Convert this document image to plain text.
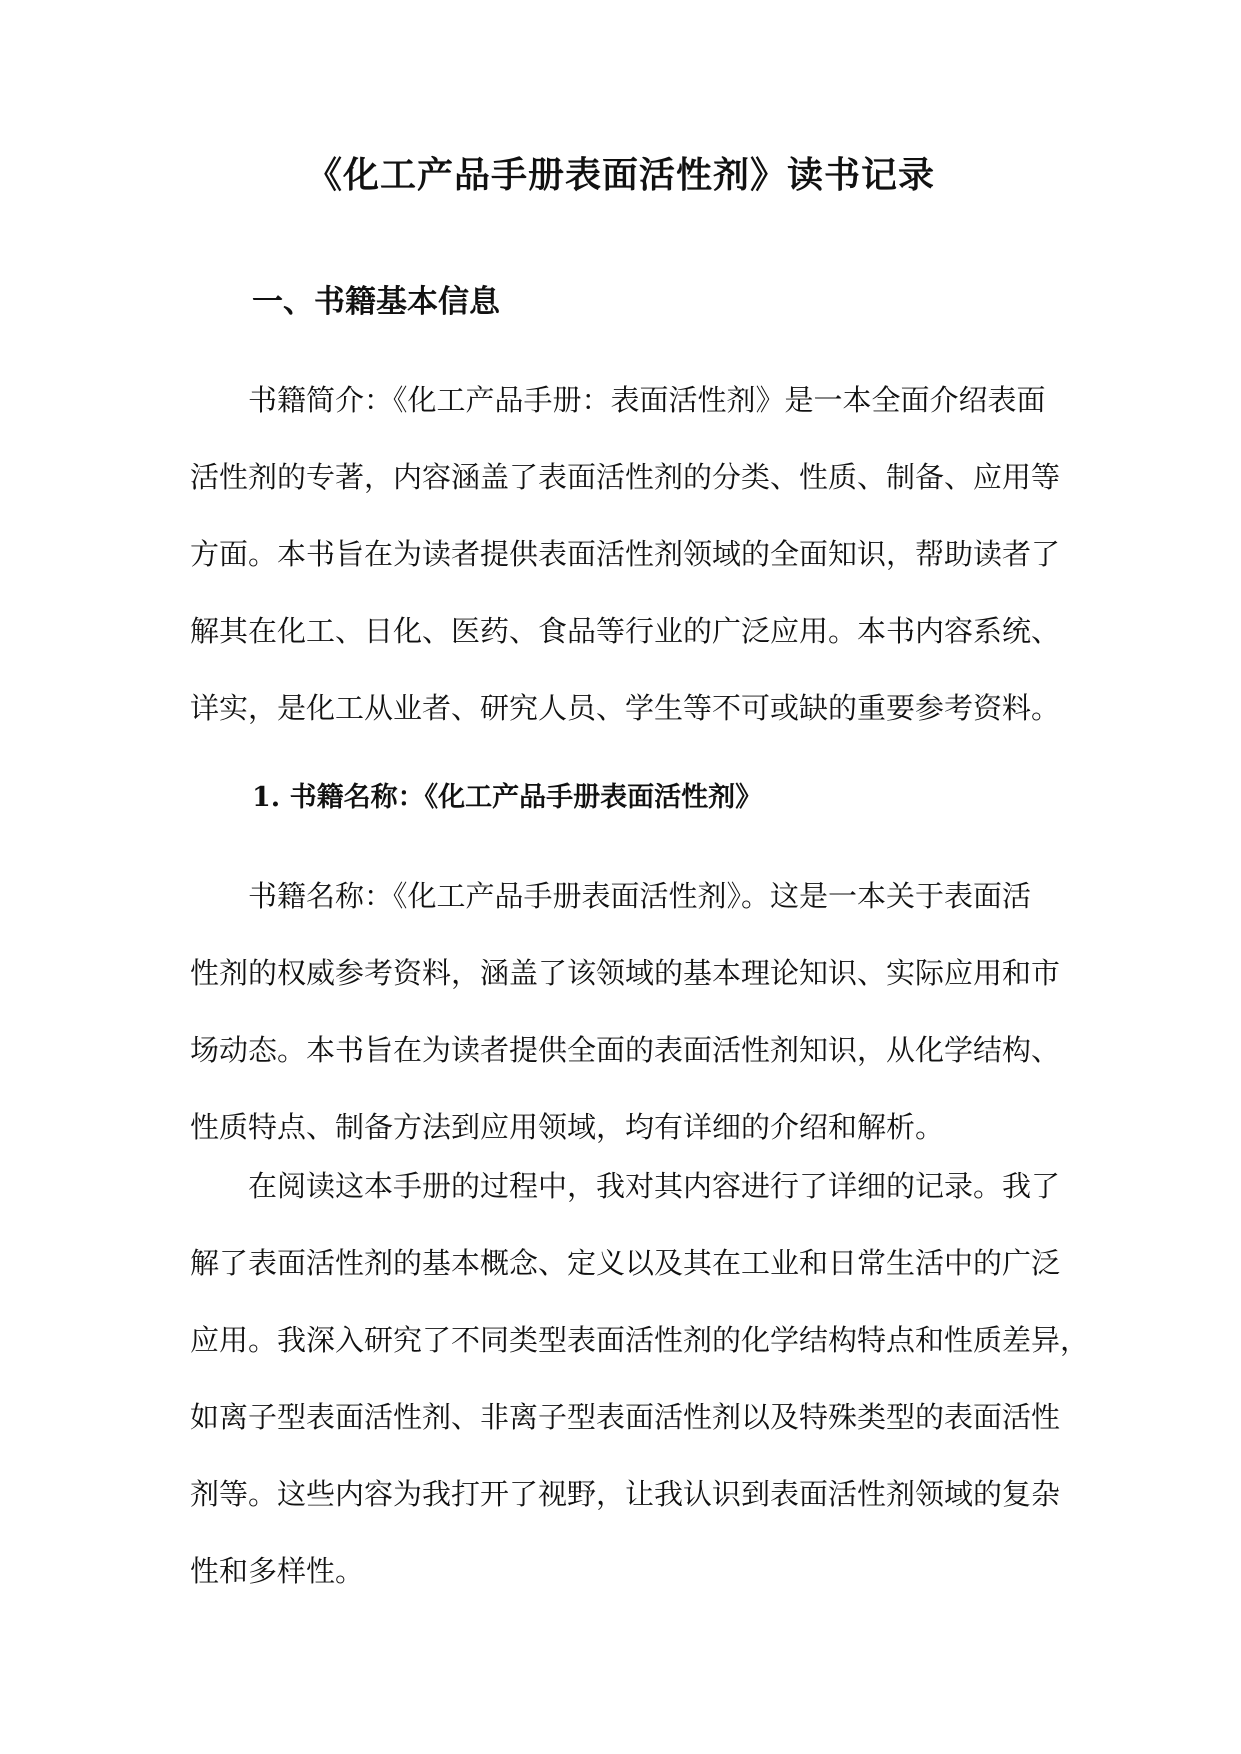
《化工产品手册表面活性剂》读书记录
一、书籍基本信息

书籍简介：《化工产品手册：表面活性剂》是一本全面介绍表面
活性剂的专著，内容涵盖了表面活性剂的分类、性质、制备、应用等
方面。本书旨在为读者提供表面活性剂领域的全面知识，帮助读者了
解其在化工、日化、医药、食品等行业的广泛应用。本书内容系统、
详实，是化工从业者、研究人员、学生等不可或缺的重要参考资料。

1. 书籍名称：《化工产品手册表面活性剂》

书籍名称：《化工产品手册表面活性剂》。这是一本关于表面活
性剂的权威参考资料，涵盖了该领域的基本理论知识、实际应用和市
场动态。本书旨在为读者提供全面的表面活性剂知识，从化学结构、
性质特点、制备方法到应用领域，均有详细的介绍和解析。

在阅读这本手册的过程中，我对其内容进行了详细的记录。我了
解了表面活性剂的基本概念、定义以及其在工业和日常生活中的广泛
应用。我深入研究了不同类型表面活性剂的化学结构特点和性质差异，
如离子型表面活性剂、非离子型表面活性剂以及特殊类型的表面活性
剂等。这些内容为我打开了视野，让我认识到表面活性剂领域的复杂
性和多样性。
